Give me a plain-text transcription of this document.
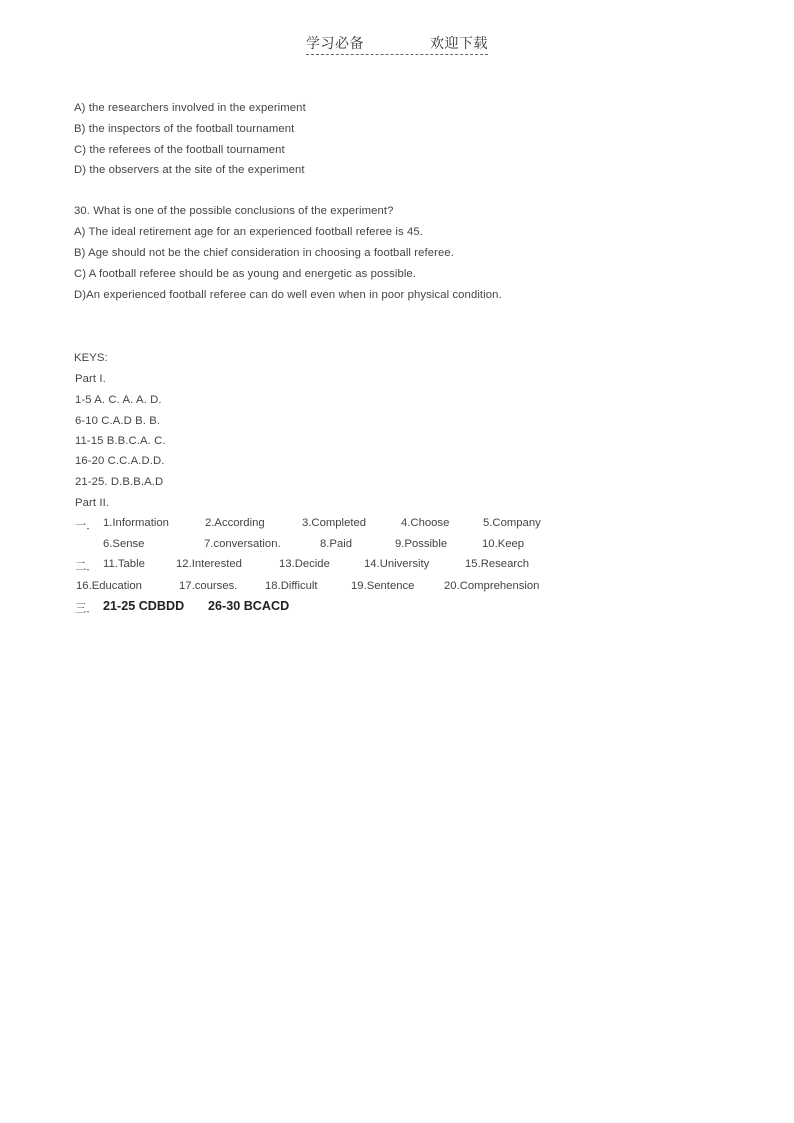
学习必备	欢迎下载
A) the researchers involved in the experiment
B) the inspectors of the football tournament
C) the referees of the football tournament
D) the observers at the site of the experiment
30. What is one of the possible conclusions of the experiment?
A) The ideal retirement age for an experienced football referee is 45.
B) Age should not be the chief consideration in choosing a football referee.
C) A football referee should be as young and energetic as possible.
D)An experienced football referee can do well even when in poor physical condition.
KEYS:
Part I.
1-5 A. C. A. A. D.
6-10 C.A.D B. B.
11-15 B.B.C.A. C.
16-20 C.C.A.D.D.
21-25. D.B.B.A.D
Part II.
一． 1.Information	2.According	3.Completed	4.Choose	5.Company
6.Sense	7.conversation.	8.Paid	9.Possible	10.Keep
二． 11.Table	12.Interested	13.Decide	14.University	15.Research
16.Education	17.courses. 18.Difficult	19.Sentence	20.Comprehension
三． 21-25 CDBDD 26-30 BCACD
